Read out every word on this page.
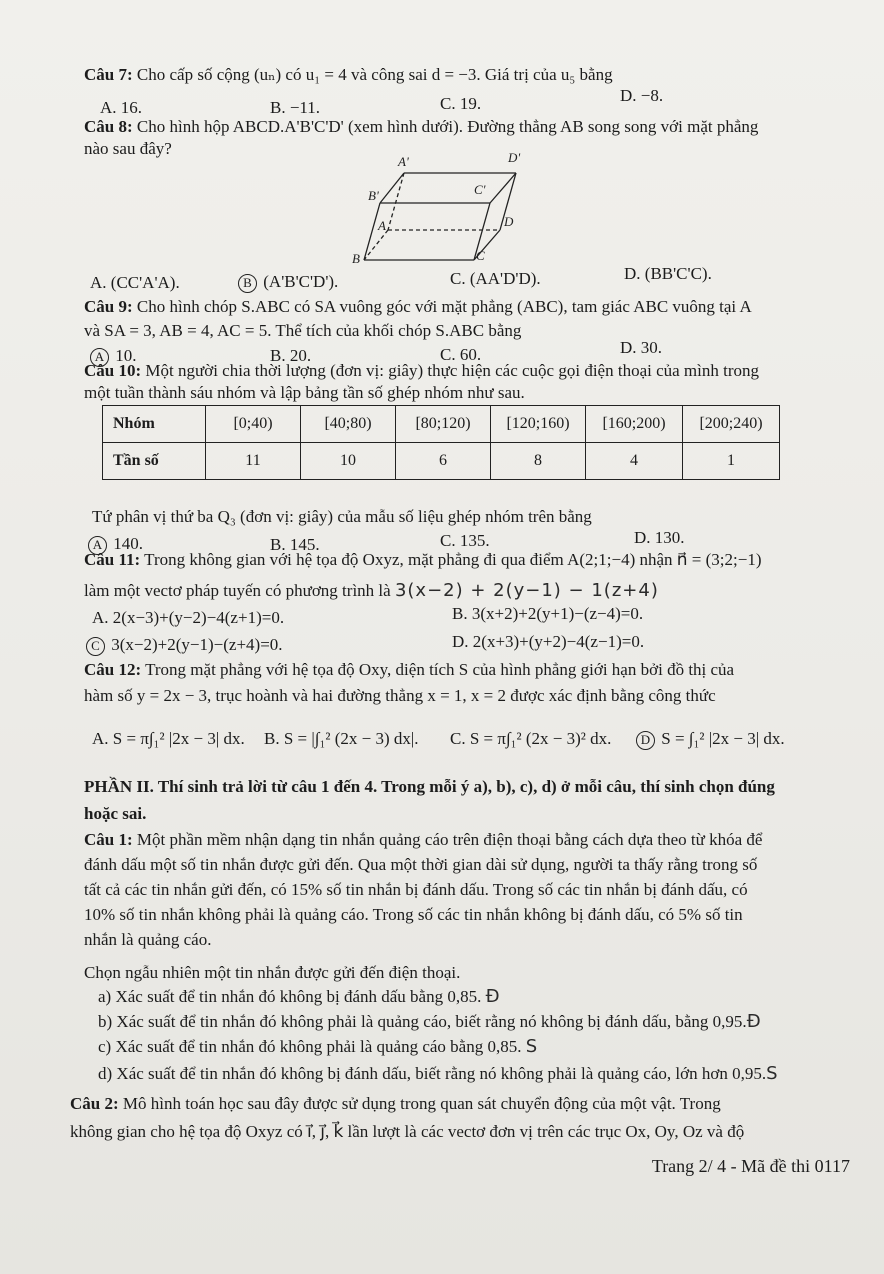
Câu 7: Cho cấp số cộng (uₙ) có u₁ = 4 và công sai d = −3. Giá trị của u₅ bằng
A. 16.	B. −11.	C. 19.	D. −8.
Câu 8: Cho hình hộp ABCD.A'B'C'D' (xem hình dưới). Đường thẳng AB song song với mặt phẳng
nào sau đây?
A'	D'
B'	C'
A	D
B	C
A. (CC'A'A).	B (A'B'C'D').	C. (AA'D'D).	D. (BB'C'C).
Câu 9: Cho hình chóp S.ABC có SA vuông góc với mặt phẳng (ABC), tam giác ABC vuông tại A
và SA = 3, AB = 4, AC = 5. Thể tích của khối chóp S.ABC bằng
A 10.	B. 20.	C. 60.	D. 30.
Câu 10: Một người chia thời lượng (đơn vị: giây) thực hiện các cuộc gọi điện thoại của mình trong
một tuần thành sáu nhóm và lập bảng tần số ghép nhóm như sau.
Nhóm	[0;40)	[40;80)	[80;120)	[120;160)	[160;200)	[200;240)
Tần số	11	10	6	8	4	1
Tứ phân vị thứ ba Q₃ (đơn vị: giây) của mẫu số liệu ghép nhóm trên bằng
A 140.	B. 145.	C. 135.	D. 130.
Câu 11: Trong không gian với hệ tọa độ Oxyz, mặt phẳng đi qua điểm A(2;1;−4) nhận n⃗ = (3;2;−1)
làm một vectơ pháp tuyến có phương trình là 3(x−2) + 2(y−1) − 1(z+4)
A. 2(x−3)+(y−2)−4(z+1)=0.	B. 3(x+2)+2(y+1)−(z−4)=0.
C 3(x−2)+2(y−1)−(z+4)=0.	D. 2(x+3)+(y+2)−4(z−1)=0.
Câu 12: Trong mặt phẳng với hệ tọa độ Oxy, diện tích S của hình phẳng giới hạn bởi đồ thị của
hàm số y = 2x − 3, trục hoành và hai đường thẳng x = 1, x = 2 được xác định bằng công thức
A. S = π∫₁² |2x − 3| dx. B. S = |∫₁² (2x − 3) dx|. C. S = π∫₁² (2x − 3)² dx.	D S = ∫₁² |2x − 3| dx.
PHẦN II. Thí sinh trả lời từ câu 1 đến 4. Trong mỗi ý a), b), c), d) ở mỗi câu, thí sinh chọn đúng
hoặc sai.
Câu 1: Một phần mềm nhận dạng tin nhắn quảng cáo trên điện thoại bằng cách dựa theo từ khóa để
đánh dấu một số tin nhắn được gửi đến. Qua một thời gian dài sử dụng, người ta thấy rằng trong số
tất cả các tin nhắn gửi đến, có 15% số tin nhắn bị đánh dấu. Trong số các tin nhắn bị đánh dấu, có
10% số tin nhắn không phải là quảng cáo. Trong số các tin nhắn không bị đánh dấu, có 5% số tin
nhắn là quảng cáo.
Chọn ngẫu nhiên một tin nhắn được gửi đến điện thoại.
a) Xác suất để tin nhắn đó không bị đánh dấu bằng 0,85. Đ
b) Xác suất để tin nhắn đó không phải là quảng cáo, biết rằng nó không bị đánh dấu, bằng 0,95.Đ
c) Xác suất để tin nhắn đó không phải là quảng cáo bằng 0,85. S
d) Xác suất để tin nhắn đó không bị đánh dấu, biết rằng nó không phải là quảng cáo, lớn hơn 0,95.S
Câu 2: Mô hình toán học sau đây được sử dụng trong quan sát chuyển động của một vật. Trong
không gian cho hệ tọa độ Oxyz có i⃗, j⃗, k⃗ lần lượt là các vectơ đơn vị trên các trục Ox, Oy, Oz và độ
Trang 2/ 4 - Mã đề thi 0117
